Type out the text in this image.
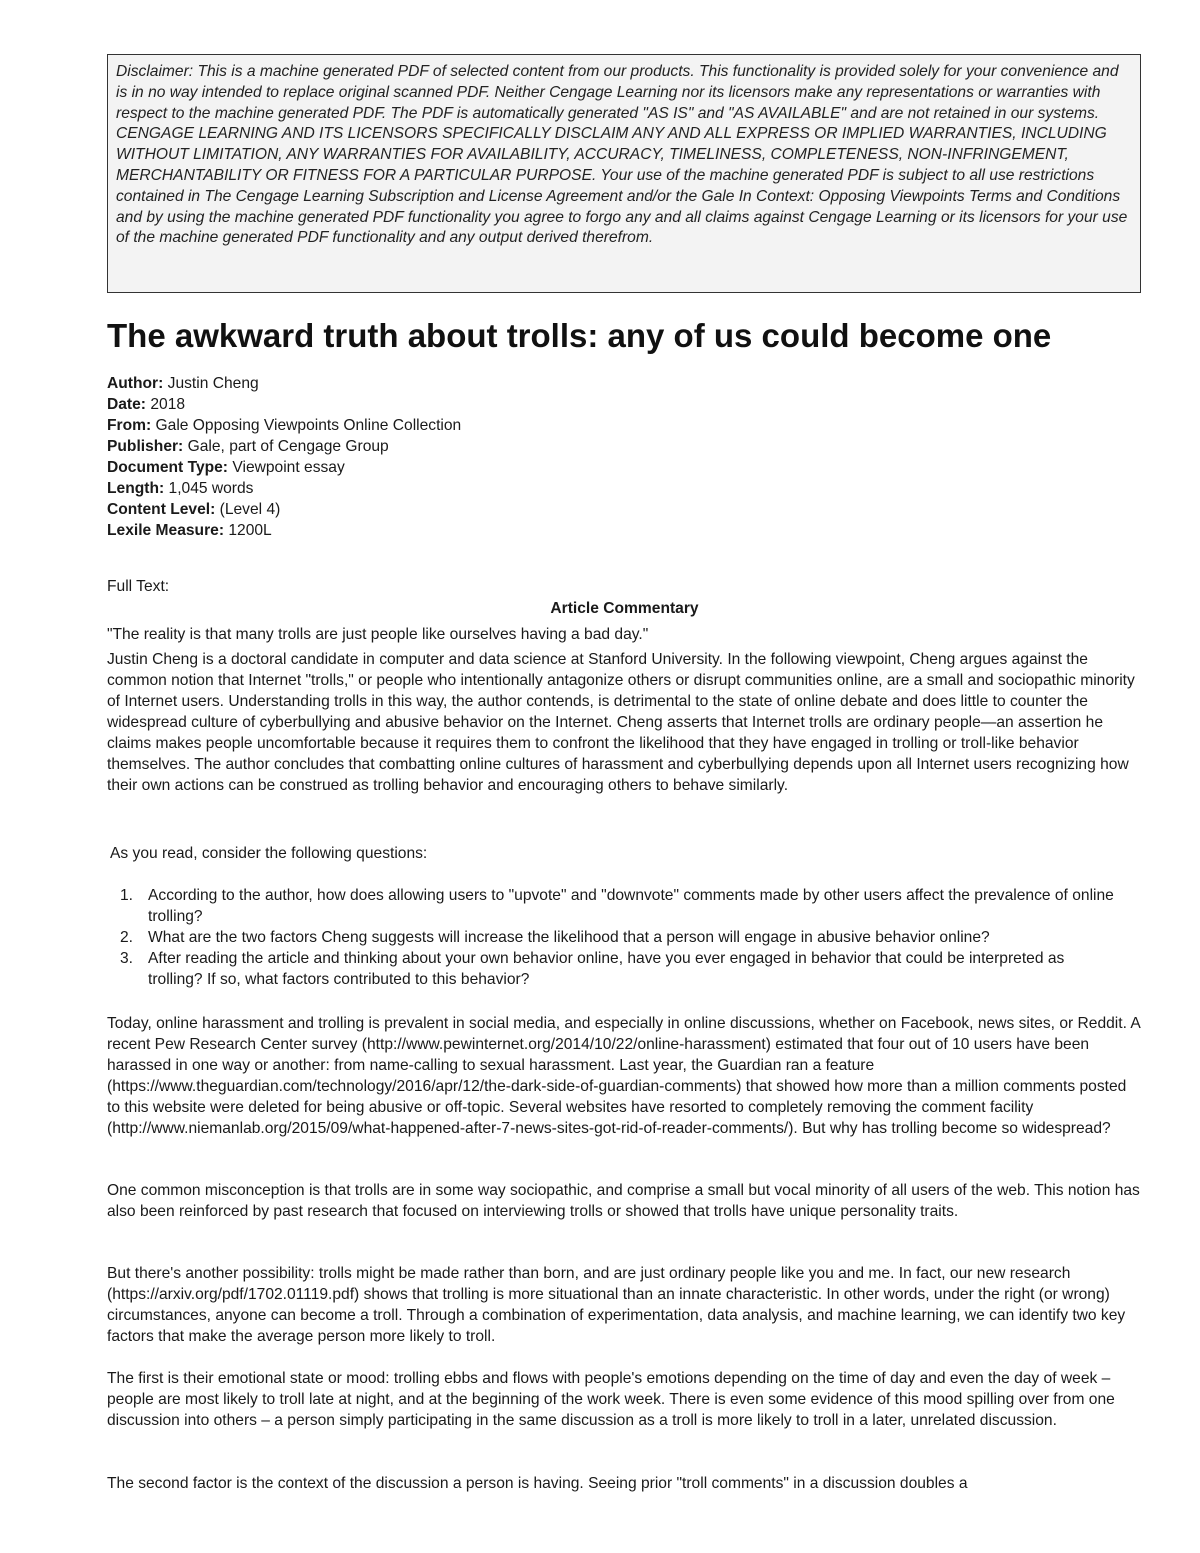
Disclaimer: This is a machine generated PDF of selected content from our products. This functionality is provided solely for your convenience and is in no way intended to replace original scanned PDF. Neither Cengage Learning nor its licensors make any representations or warranties with respect to the machine generated PDF. The PDF is automatically generated "AS IS" and "AS AVAILABLE" and are not retained in our systems. CENGAGE LEARNING AND ITS LICENSORS SPECIFICALLY DISCLAIM ANY AND ALL EXPRESS OR IMPLIED WARRANTIES, INCLUDING WITHOUT LIMITATION, ANY WARRANTIES FOR AVAILABILITY, ACCURACY, TIMELINESS, COMPLETENESS, NON-INFRINGEMENT, MERCHANTABILITY OR FITNESS FOR A PARTICULAR PURPOSE. Your use of the machine generated PDF is subject to all use restrictions contained in The Cengage Learning Subscription and License Agreement and/or the Gale In Context: Opposing Viewpoints Terms and Conditions and by using the machine generated PDF functionality you agree to forgo any and all claims against Cengage Learning or its licensors for your use of the machine generated PDF functionality and any output derived therefrom.
The awkward truth about trolls: any of us could become one
Author: Justin Cheng
Date: 2018
From: Gale Opposing Viewpoints Online Collection
Publisher: Gale, part of Cengage Group
Document Type: Viewpoint essay
Length: 1,045 words
Content Level: (Level 4)
Lexile Measure: 1200L
Full Text:
Article Commentary
"The reality is that many trolls are just people like ourselves having a bad day."

Justin Cheng is a doctoral candidate in computer and data science at Stanford University. In the following viewpoint, Cheng argues against the common notion that Internet "trolls," or people who intentionally antagonize others or disrupt communities online, are a small and sociopathic minority of Internet users. Understanding trolls in this way, the author contends, is detrimental to the state of online debate and does little to counter the widespread culture of cyberbullying and abusive behavior on the Internet. Cheng asserts that Internet trolls are ordinary people—an assertion he claims makes people uncomfortable because it requires them to confront the likelihood that they have engaged in trolling or troll-like behavior themselves. The author concludes that combatting online cultures of harassment and cyberbullying depends upon all Internet users recognizing how their own actions can be construed as trolling behavior and encouraging others to behave similarly.

As you read, consider the following questions:
1. According to the author, how does allowing users to "upvote" and "downvote" comments made by other users affect the prevalence of online trolling?
2. What are the two factors Cheng suggests will increase the likelihood that a person will engage in abusive behavior online?
3. After reading the article and thinking about your own behavior online, have you ever engaged in behavior that could be interpreted as trolling? If so, what factors contributed to this behavior?

Today, online harassment and trolling is prevalent in social media, and especially in online discussions, whether on Facebook, news sites, or Reddit. A recent Pew Research Center survey (http://www.pewinternet.org/2014/10/22/online-harassment) estimated that four out of 10 users have been harassed in one way or another: from name-calling to sexual harassment. Last year, the Guardian ran a feature (https://www.theguardian.com/technology/2016/apr/12/the-dark-side-of-guardian-comments) that showed how more than a million comments posted to this website were deleted for being abusive or off-topic. Several websites have resorted to completely removing the comment facility (http://www.niemanlab.org/2015/09/what-happened-after-7-news-sites-got-rid-of-reader-comments/). But why has trolling become so widespread?

One common misconception is that trolls are in some way sociopathic, and comprise a small but vocal minority of all users of the web. This notion has also been reinforced by past research that focused on interviewing trolls or showed that trolls have unique personality traits.

But there's another possibility: trolls might be made rather than born, and are just ordinary people like you and me. In fact, our new research (https://arxiv.org/pdf/1702.01119.pdf) shows that trolling is more situational than an innate characteristic. In other words, under the right (or wrong) circumstances, anyone can become a troll. Through a combination of experimentation, data analysis, and machine learning, we can identify two key factors that make the average person more likely to troll.

The first is their emotional state or mood: trolling ebbs and flows with people's emotions depending on the time of day and even the day of week – people are most likely to troll late at night, and at the beginning of the work week. There is even some evidence of this mood spilling over from one discussion into others – a person simply participating in the same discussion as a troll is more likely to troll in a later, unrelated discussion.

The second factor is the context of the discussion a person is having. Seeing prior "troll comments" in a discussion doubles a
